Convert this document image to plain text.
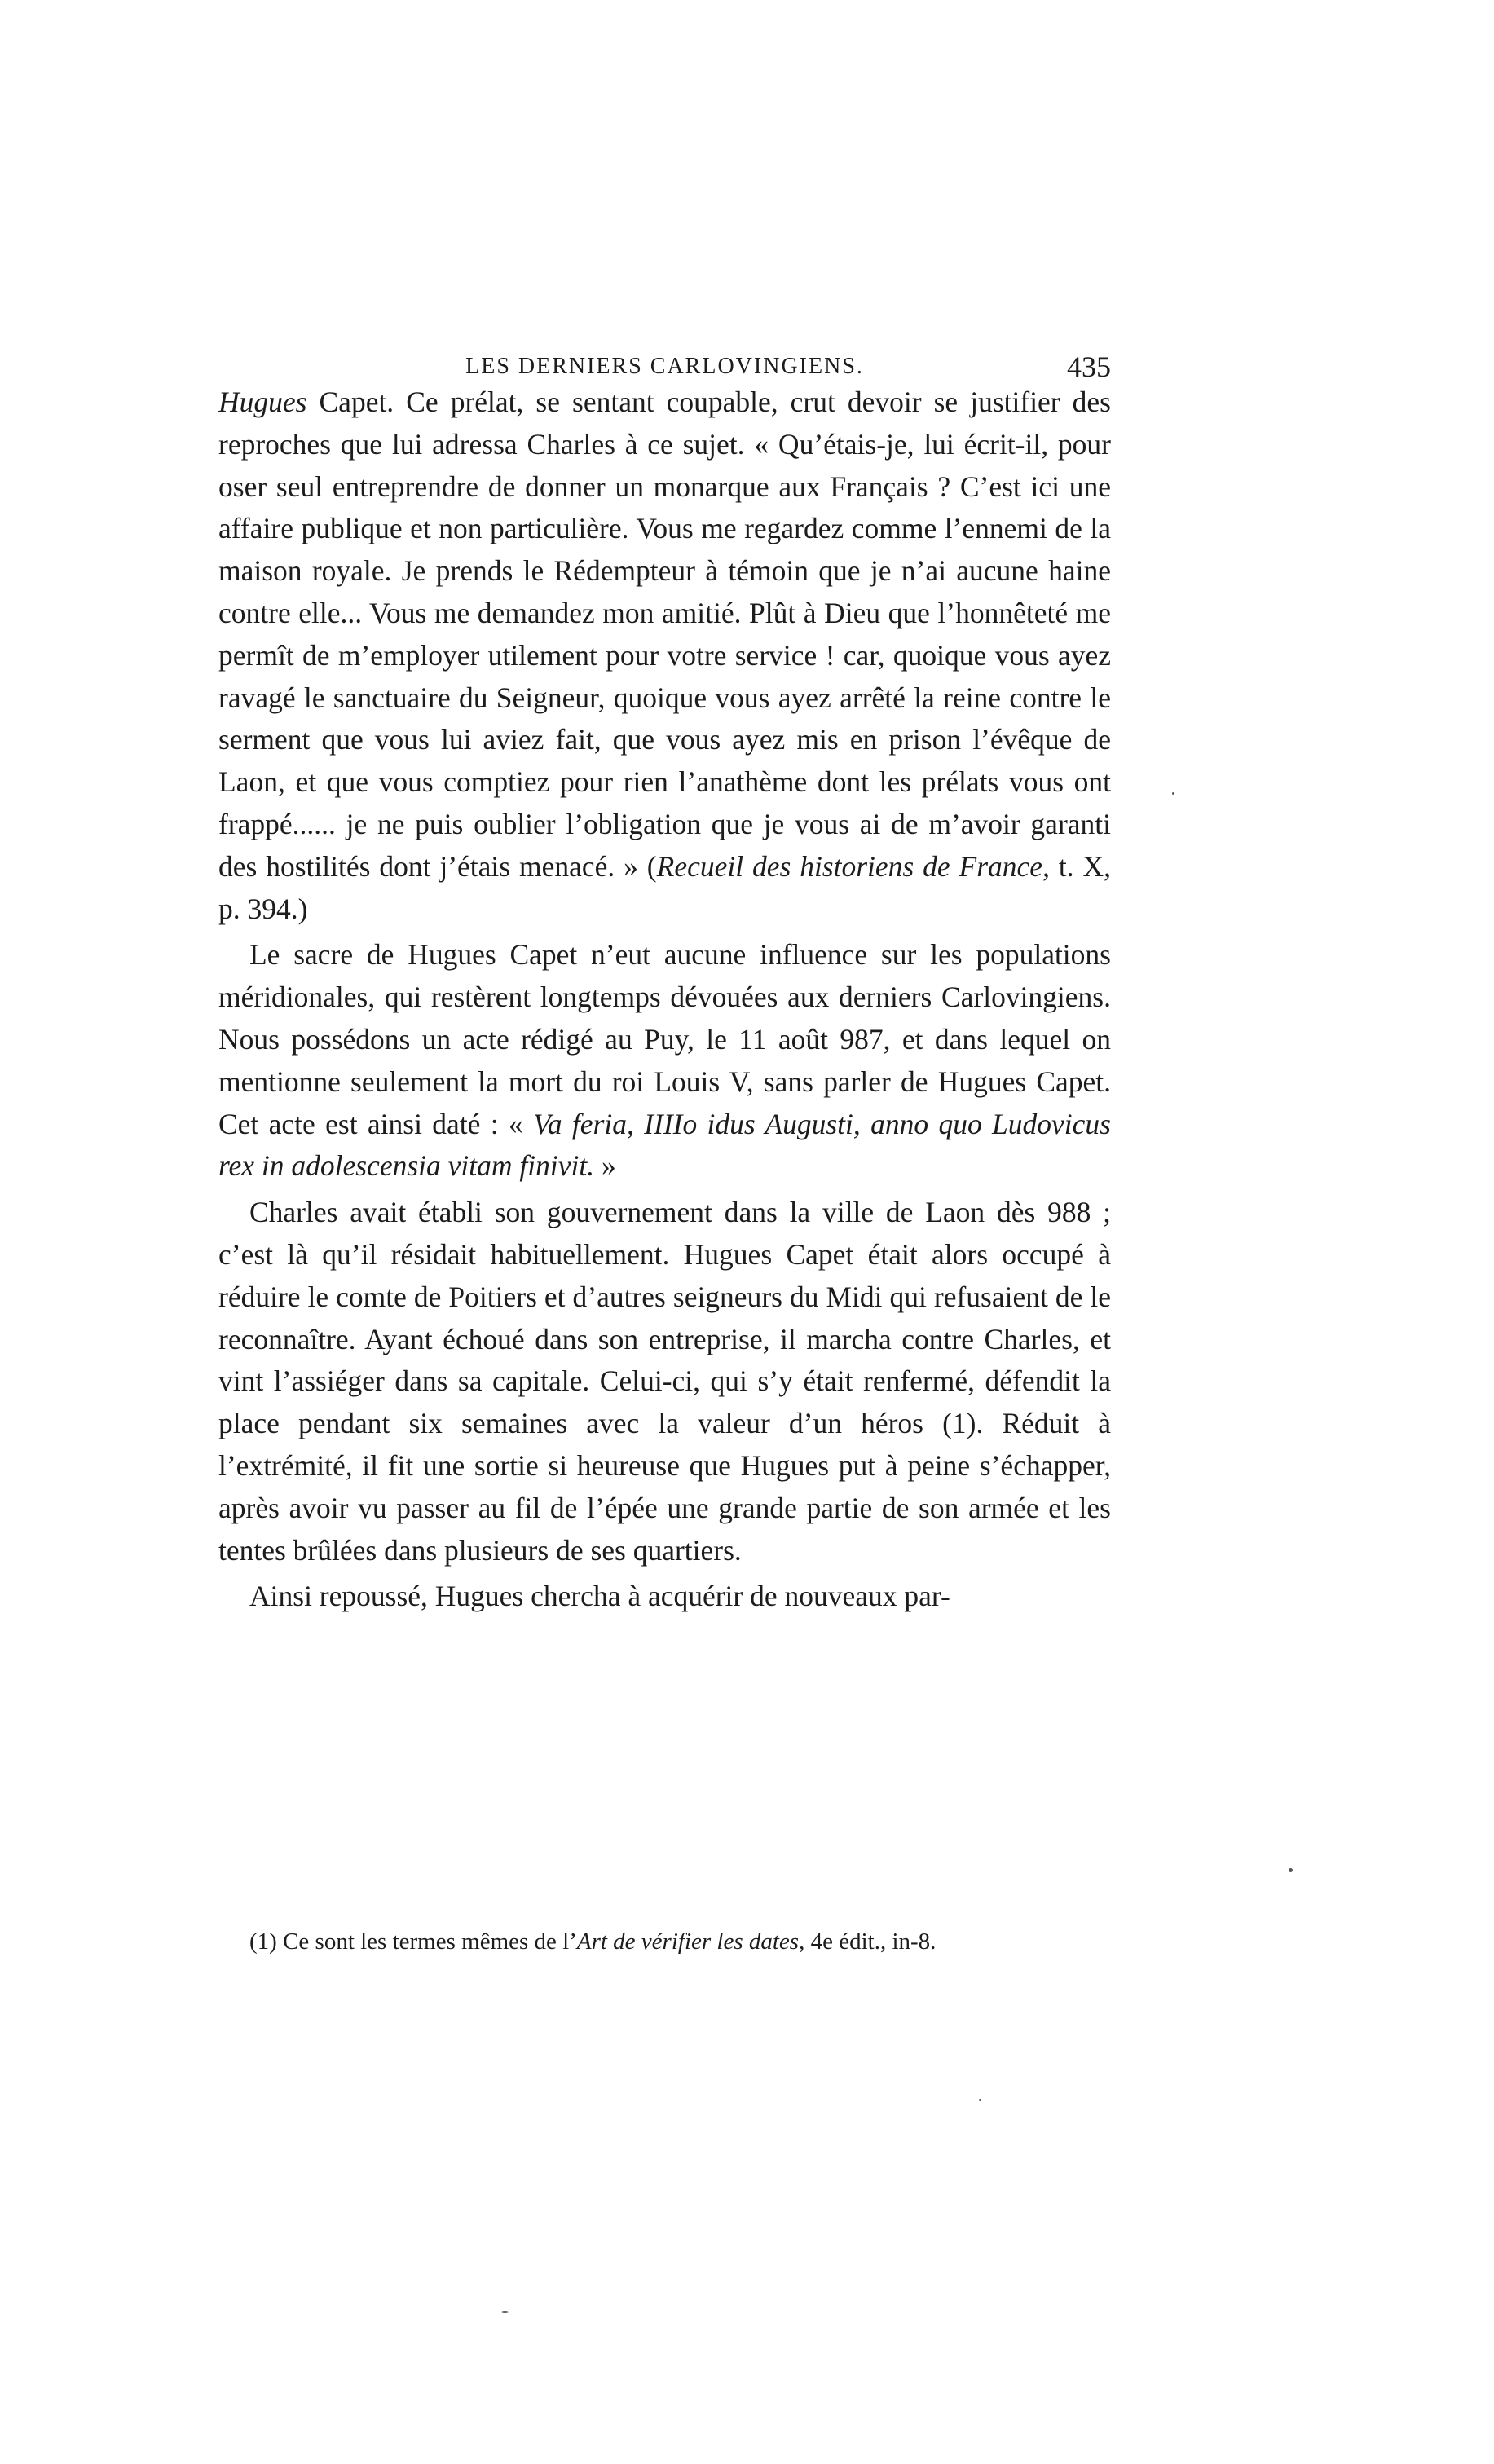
LES DERNIERS CARLOVINGIENS.	435

Hugues Capet. Ce prélat, se sentant coupable, crut devoir se justifier des reproches que lui adressa Charles à ce sujet. « Qu’étais-je, lui écrit-il, pour oser seul entreprendre de donner un monarque aux Français ? C’est ici une affaire publique et non particulière. Vous me regardez comme l’ennemi de la maison royale. Je prends le Rédempteur à témoin que je n’ai aucune haine contre elle... Vous me demandez mon amitié. Plût à Dieu que l’honnêteté me permît de m’employer utilement pour votre service ! car, quoique vous ayez ravagé le sanctuaire du Seigneur, quoique vous ayez arrêté la reine contre le serment que vous lui aviez fait, que vous ayez mis en prison l’évêque de Laon, et que vous comptiez pour rien l’anathème dont les prélats vous ont frappé...... je ne puis oublier l’obligation que je vous ai de m’avoir garanti des hostilités dont j’étais menacé. » (Recueil des historiens de France, t. X, p. 394.)

Le sacre de Hugues Capet n’eut aucune influence sur les populations méridionales, qui restèrent longtemps dévouées aux derniers Carlovingiens. Nous possédons un acte rédigé au Puy, le 11 août 987, et dans lequel on mentionne seulement la mort du roi Louis V, sans parler de Hugues Capet. Cet acte est ainsi daté : « Va feria, IIIIo idus Augusti, anno quo Ludovicus rex in adolescensia vitam finivit. »

Charles avait établi son gouvernement dans la ville de Laon dès 988 ; c’est là qu’il résidait habituellement. Hugues Capet était alors occupé à réduire le comte de Poitiers et d’autres seigneurs du Midi qui refusaient de le reconnaître. Ayant échoué dans son entreprise, il marcha contre Charles, et vint l’assiéger dans sa capitale. Celui-ci, qui s’y était renfermé, défendit la place pendant six semaines avec la valeur d’un héros (1). Réduit à l’extrémité, il fit une sortie si heureuse que Hugues put à peine s’échapper, après avoir vu passer au fil de l’épée une grande partie de son armée et les tentes brûlées dans plusieurs de ses quartiers.

Ainsi repoussé, Hugues chercha à acquérir de nouveaux par-

(1) Ce sont les termes mêmes de l’Art de vérifier les dates, 4e édit., in-8.
